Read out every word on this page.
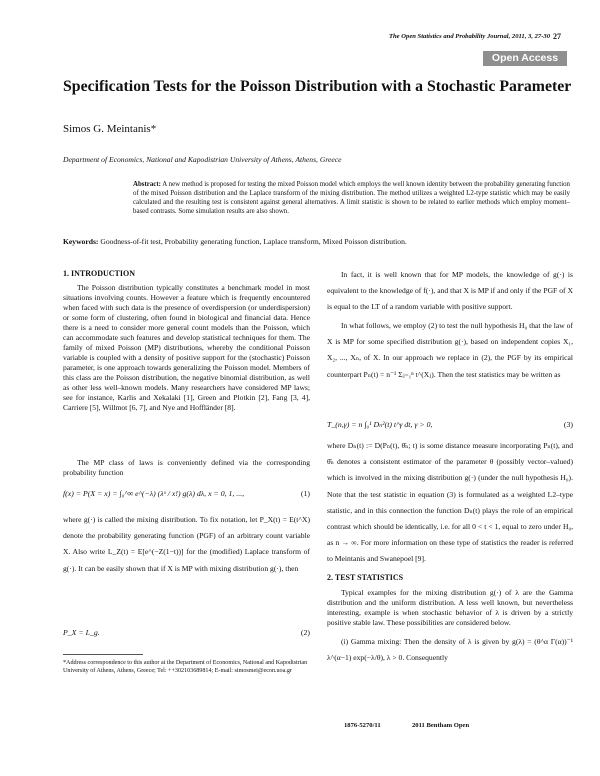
The Open Statistics and Probability Journal, 2011, 3, 27-30 27
Open Access
Specification Tests for the Poisson Distribution with a Stochastic Parameter
Simos G. Meintanis*
Department of Economics, National and Kapodistrian University of Athens, Athens, Greece
Abstract: A new method is proposed for testing the mixed Poisson model which employs the well known identity between the probability generating function of the mixed Poisson distribution and the Laplace transform of the mixing distribution. The method utilizes a weighted L2-type statistic which may be easily calculated and the resulting test is consistent against general alternatives. A limit statistic is shown to be related to earlier methods which employ moment–based contrasts. Some simulation results are also shown.
Keywords: Goodness-of-fit test, Probability generating function, Laplace transform, Mixed Poisson distribution.
1. INTRODUCTION
The Poisson distribution typically constitutes a benchmark model in most situations involving counts. However a feature which is frequently encountered when faced with such data is the presence of overdispersion (or underdispersion) or some form of clustering, often found in biological and financial data. Hence there is a need to consider more general count models than the Poisson, which can accommodate such features and develop statistical techniques for them. The family of mixed Poisson (MP) distributions, whereby the conditional Poisson variable is coupled with a density of positive support for the (stochastic) Poisson parameter, is one approach towards generalizing the Poisson model. Members of this class are the Poisson distribution, the negative binomial distribution, as well as other less well–known models. Many researchers have considered MP laws; see for instance, Karlis and Xekalaki [1], Green and Plotkin [2], Fang [3, 4], Carriere [5], Willmot [6, 7], and Nye and Hoffländer [8].
The MP class of laws is conveniently defined via the corresponding probability function
f(x) = P(X = x) = ∫₀^∞ e^(−λ) (λˣ / x!) g(λ) dλ, x = 0, 1, ...,	(1)
where g(·) is called the mixing distribution. To fix notation, let P_X(t) = E(t^X) denote the probability generating function (PGF) of an arbitrary count variable X. Also write L_Z(t) = E[e^(−Z(1−t))] for the (modified) Laplace transform of g(·). It can be easily shown that if X is MP with mixing distribution g(·), then
P_X = L_g.	(2)
In fact, it is well known that for MP models, the knowledge of g(·) is equivalent to the knowledge of f(·), and that X is MP if and only if the PGF of X is equal to the LT of a random variable with positive support.
In what follows, we employ (2) to test the null hypothesis H₀ that the law of X is MP for some specified distribution g(·), based on independent copies X₁, X₂, ..., Xₙ, of X. In our approach we replace in (2), the PGF by its empirical counterpart Pₙ(t) = n⁻¹ Σⱼ₌₁ⁿ t^(Xⱼ). Then the test statistics may be written as
T_(n,γ) = n ∫₀¹ Dₙ²(t) t^γ dt, γ > 0,	(3)
where Dₙ(t) := D(Pₙ(t), θ̂ₙ; t) is some distance measure incorporating Pₙ(t), and θ̂ₙ denotes a consistent estimator of the parameter θ (possibly vector–valued) which is involved in the mixing distribution g(·) (under the null hypothesis H₀). Note that the test statistic in equation (3) is formulated as a weighted L2–type statistic, and in this connection the function Dₙ(t) plays the role of an empirical contrast which should be identically, i.e. for all 0 < t < 1, equal to zero under H₀, as n → ∞. For more information on these type of statistics the reader is referred to Meintanis and Swanepoel [9].
2. TEST STATISTICS
Typical examples for the mixing distribution g(·) of λ are the Gamma distribution and the uniform distribution. A less well known, but nevertheless interesting, example is when stochastic behavior of λ is driven by a strictly positive stable law. These possibilities are considered below.
(i) Gamma mixing: Then the density of λ is given by g(λ) = (θ^α Γ(α))⁻¹ λ^(α−1) exp(−λ/θ), λ > 0. Consequently
*Address correspondence to this author at the Department of Economics, National and Kapodistrian University of Athens, Athens, Greece; Tel: ++302103689814; E-mail: simosmei@econ.uoa.gr
1876-5270/11	2011 Bentham Open
